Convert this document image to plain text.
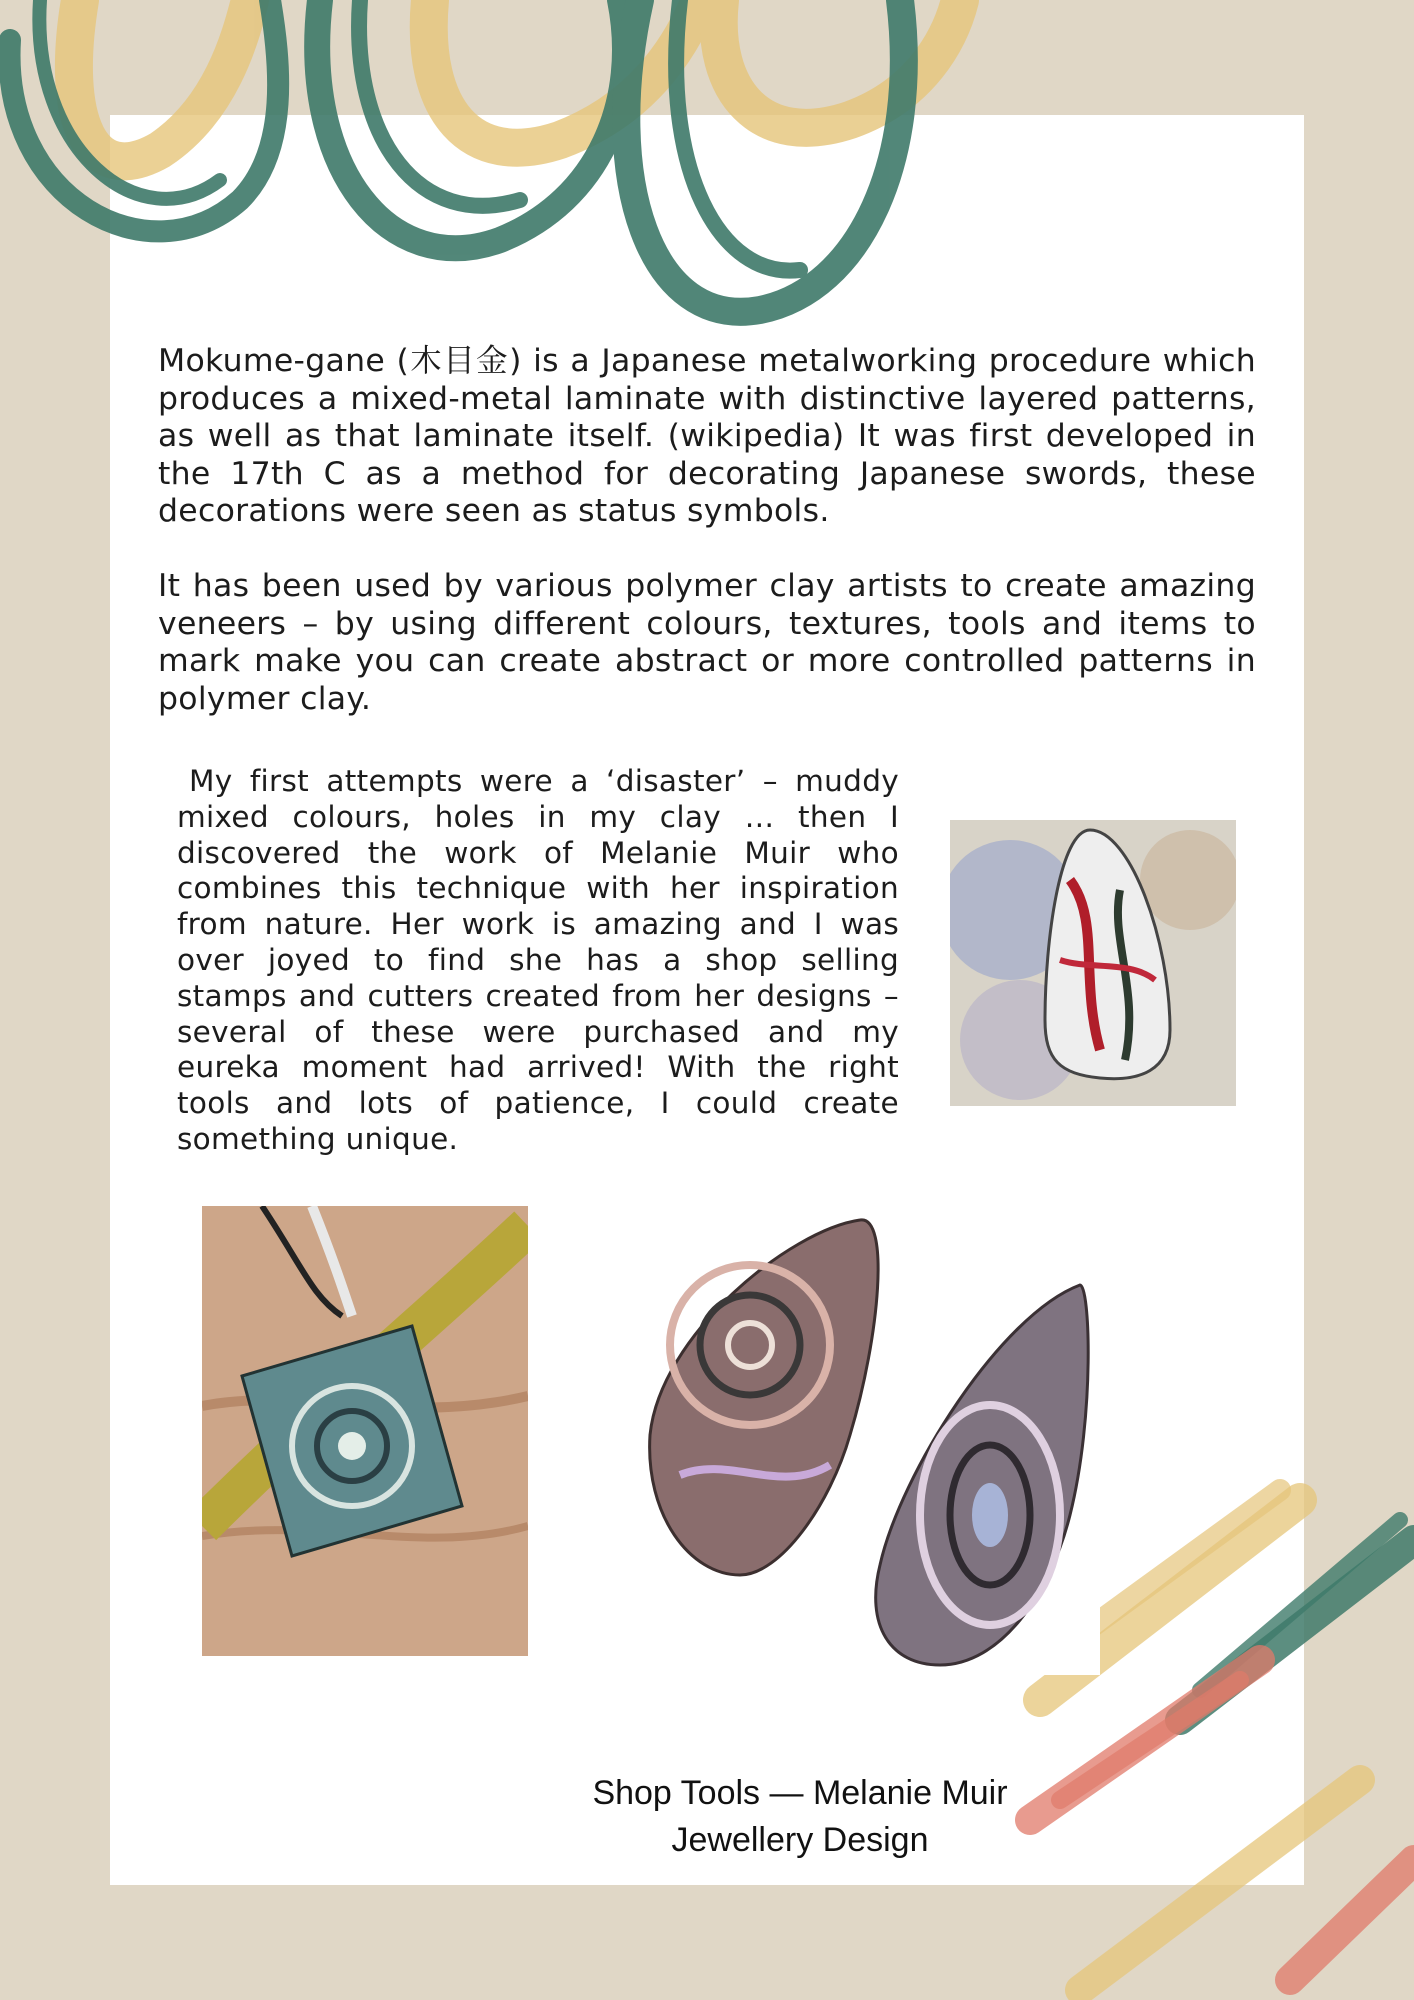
Mokume-gane (木目金) is a Japanese metalworking procedure which produces a mixed-metal laminate with distinctive layered patterns, as well as that laminate itself. (wikipedia) It was first developed in the 17th C as a method for decorating Japanese swords, these decorations were seen as status symbols.

It has been used by various polymer clay artists to create amazing veneers – by using different colours, textures, tools and items to mark make you can create abstract or more controlled patterns in polymer clay.

My first attempts were a ‘disaster’ – muddy mixed colours, holes in my clay … then I discovered the work of Melanie Muir who combines this technique with her inspiration from nature. Her work is amazing and I was over joyed to find she has a shop selling stamps and cutters created from her designs – several of these were purchased and my eureka moment had arrived! With the right tools and lots of patience, I could create something unique.

Shop Tools — Melanie Muir
Jewellery Design
